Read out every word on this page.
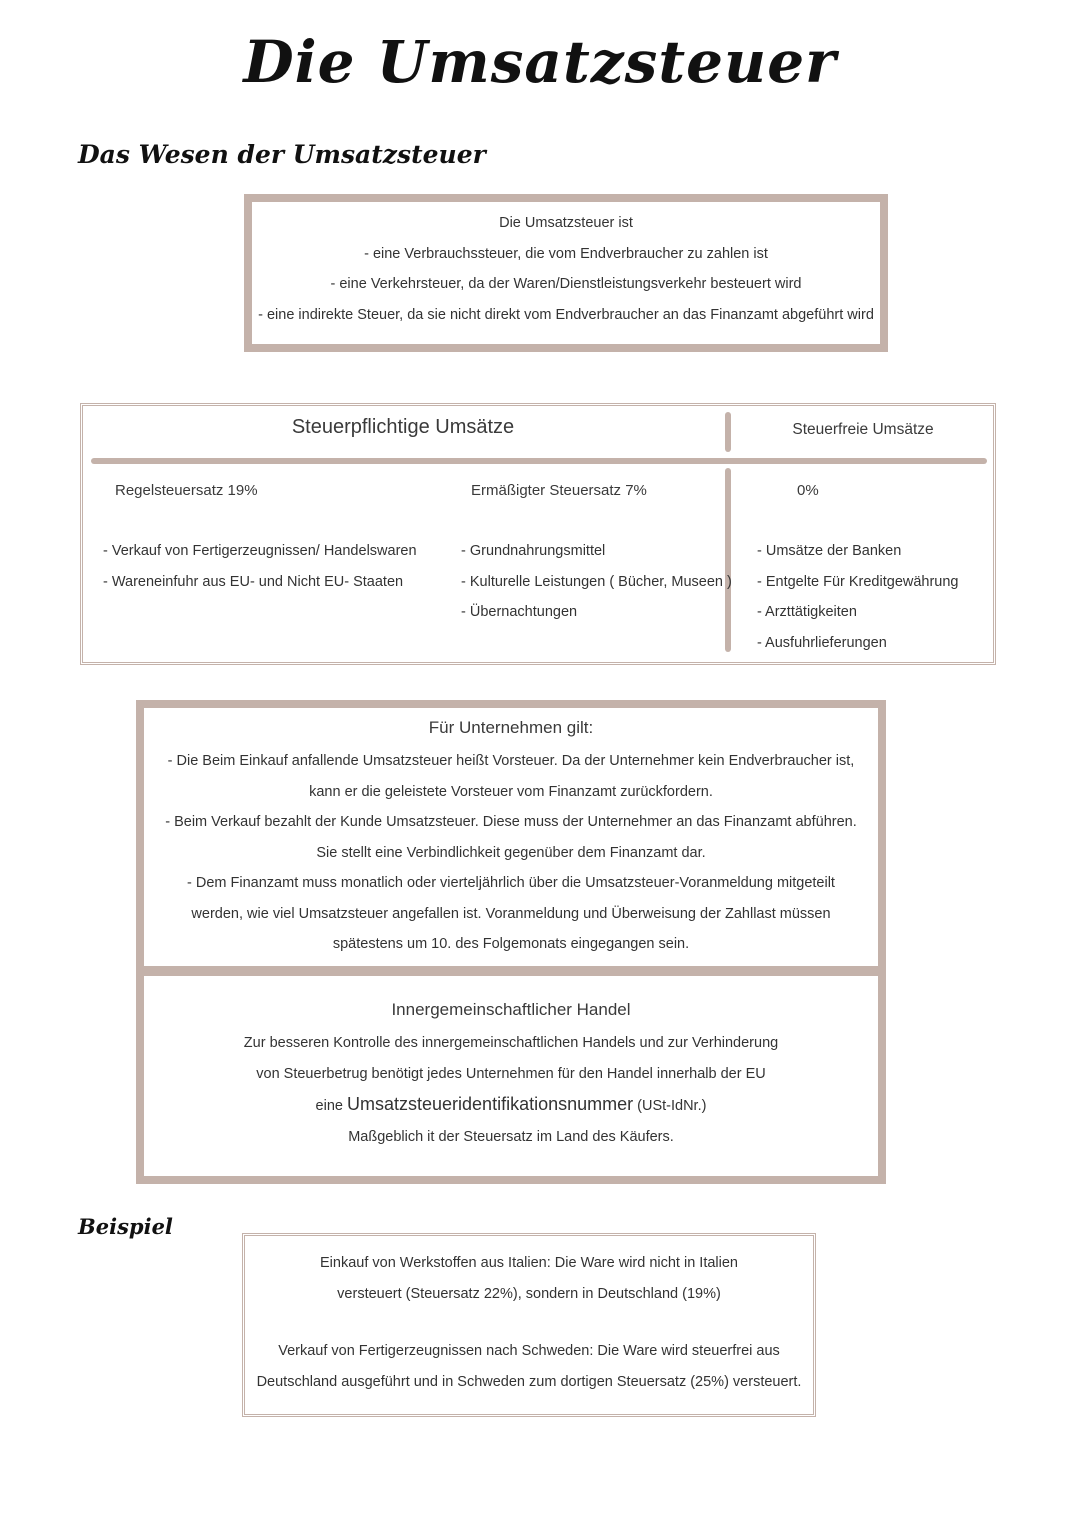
Die Umsatzsteuer
Das Wesen der Umsatzsteuer
Die Umsatzsteuer ist
- eine Verbrauchssteuer, die vom Endverbraucher zu zahlen ist
- eine Verkehrsteuer, da der Waren/Dienstleistungsverkehr besteuert wird
- eine indirekte Steuer, da sie nicht direkt vom Endverbraucher an das Finanzamt abgeführt wird
Steuerpflichtige Umsätze	Steuerfreie Umsätze
Regelsteuersatz 19%
- Verkauf von Fertigerzeugnissen/ Handelswaren
- Wareneinfuhr aus EU- und Nicht EU- Staaten
Ermäßigter Steuersatz 7%
- Grundnahrungsmittel
- Kulturelle Leistungen ( Bücher, Museen )
- Übernachtungen
0%
- Umsätze der Banken
- Entgelte Für Kreditgewährung
- Arzttätigkeiten
- Ausfuhrlieferungen
Für Unternehmen gilt:
- Die Beim Einkauf anfallende Umsatzsteuer heißt Vorsteuer. Da der Unternehmer kein Endverbraucher ist,
kann er die geleistete Vorsteuer vom Finanzamt zurückfordern.
- Beim Verkauf bezahlt der Kunde Umsatzsteuer. Diese muss der Unternehmer an das Finanzamt abführen.
Sie stellt eine Verbindlichkeit gegenüber dem Finanzamt dar.
- Dem Finanzamt muss monatlich oder vierteljährlich über die Umsatzsteuer-Voranmeldung mitgeteilt
werden, wie viel Umsatzsteuer angefallen ist. Voranmeldung und Überweisung der Zahllast müssen
spätestens um 10. des Folgemonats eingegangen sein.
Innergemeinschaftlicher Handel
Zur besseren Kontrolle des innergemeinschaftlichen Handels und zur Verhinderung
von Steuerbetrug benötigt jedes Unternehmen für den Handel innerhalb der EU
eine Umsatzsteueridentifikationsnummer (USt-IdNr.)
Maßgeblich it der Steuersatz im Land des Käufers.
Beispiel
Einkauf von Werkstoffen aus Italien: Die Ware wird nicht in Italien
versteuert (Steuersatz 22%), sondern in Deutschland (19%)
Verkauf von Fertigerzeugnissen nach Schweden: Die Ware wird steuerfrei aus
Deutschland ausgeführt und in Schweden zum dortigen Steuersatz (25%) versteuert.
